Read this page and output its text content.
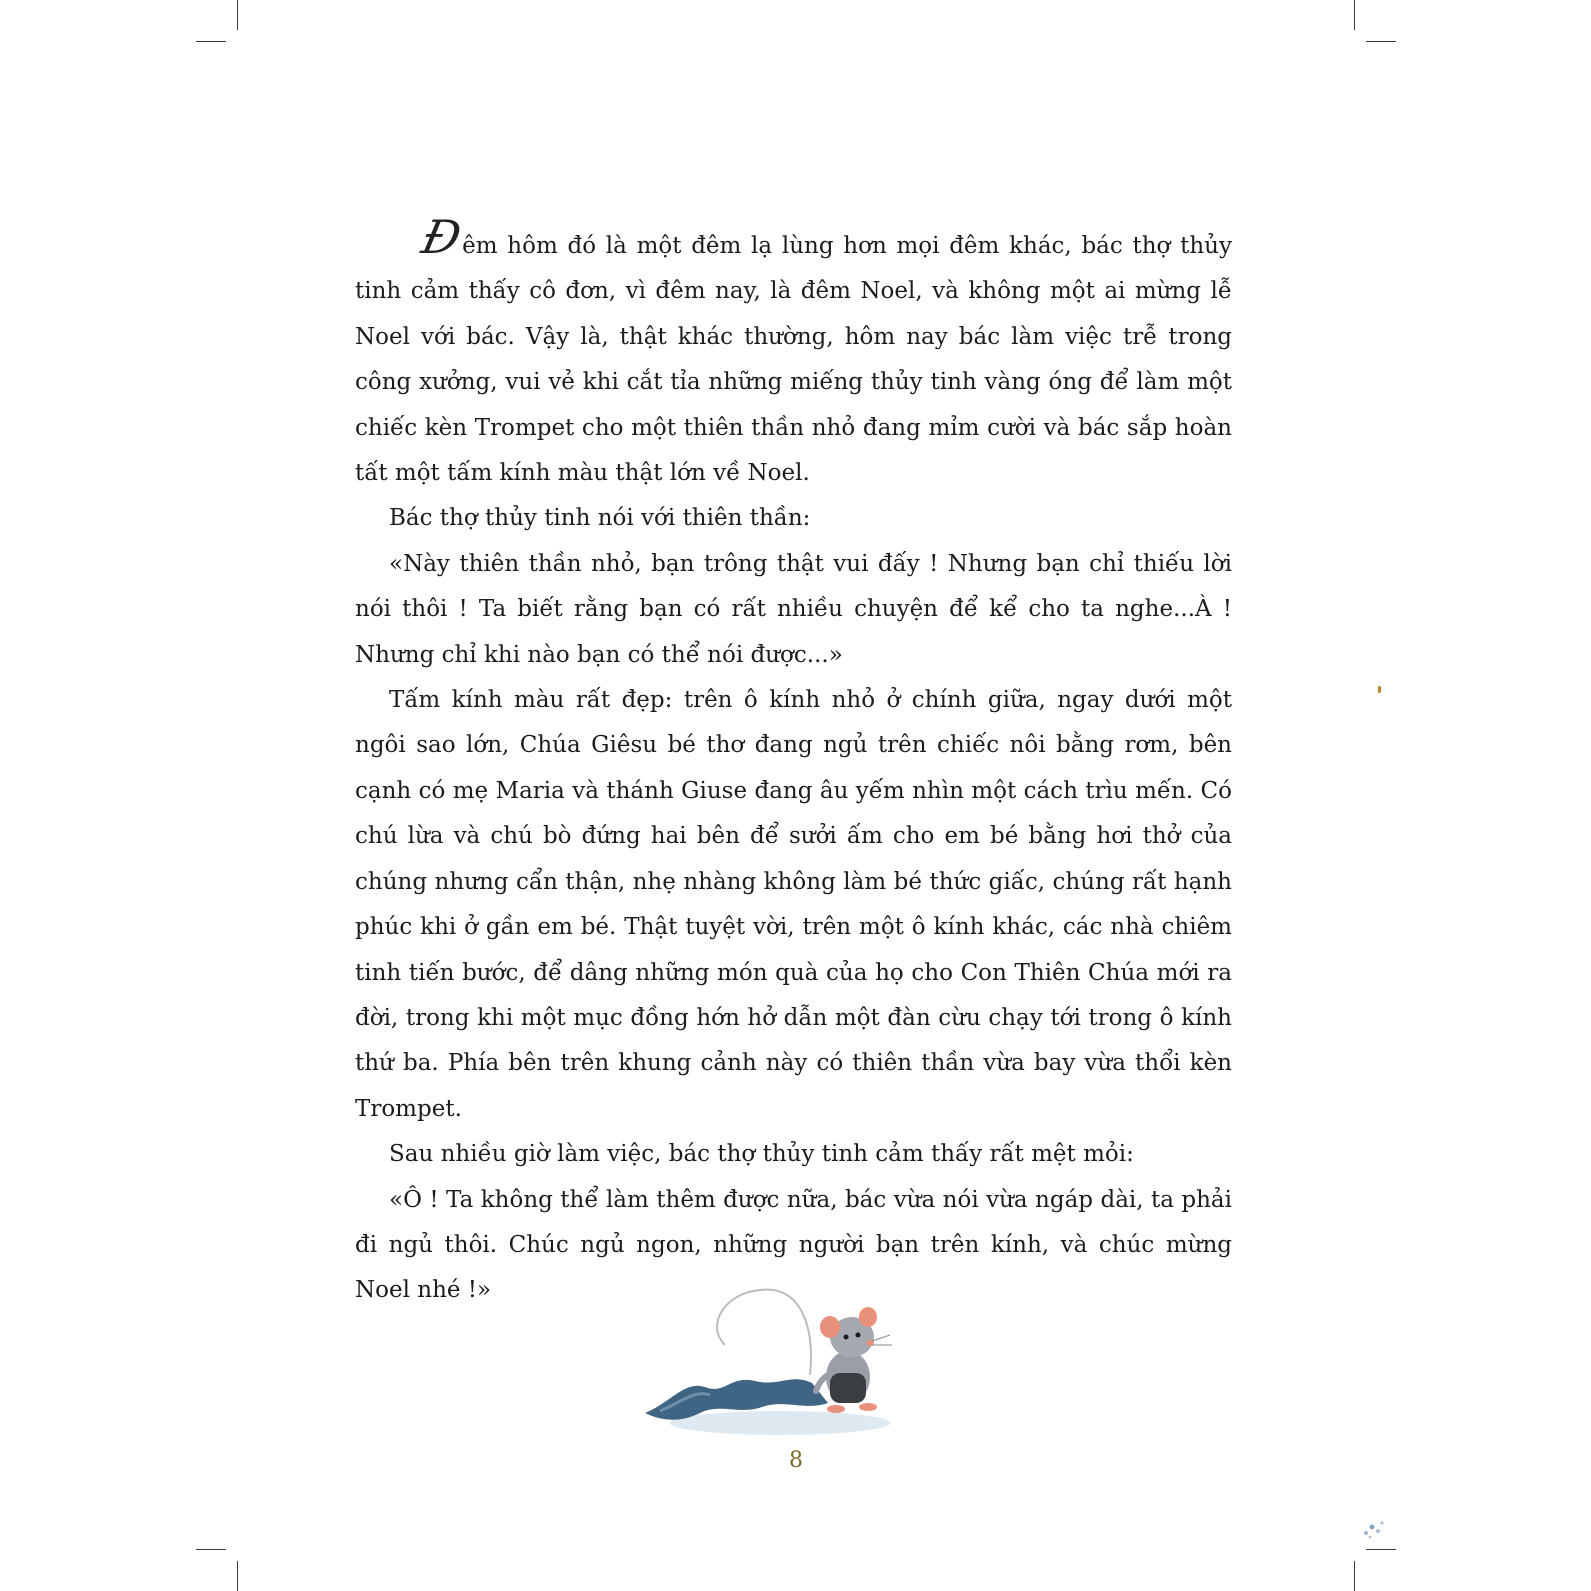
Đêm hôm đó là một đêm lạ lùng hơn mọi đêm khác, bác thợ thủy tinh cảm thấy cô đơn, vì đêm nay, là đêm Noel, và không một ai mừng lễ Noel với bác. Vậy là, thật khác thường, hôm nay bác làm việc trễ trong công xưởng, vui vẻ khi cắt tỉa những miếng thủy tinh vàng óng để làm một chiếc kèn Trompet cho một thiên thần nhỏ đang mỉm cười và bác sắp hoàn tất một tấm kính màu thật lớn về Noel.

Bác thợ thủy tinh nói với thiên thần:

«Này thiên thần nhỏ, bạn trông thật vui đấy ! Nhưng bạn chỉ thiếu lời nói thôi ! Ta biết rằng bạn có rất nhiều chuyện để kể cho ta nghe...À ! Nhưng chỉ khi nào bạn có thể nói được...»

Tấm kính màu rất đẹp: trên ô kính nhỏ ở chính giữa, ngay dưới một ngôi sao lớn, Chúa Giêsu bé thơ đang ngủ trên chiếc nôi bằng rơm, bên cạnh có mẹ Maria và thánh Giuse đang âu yếm nhìn một cách trìu mến. Có chú lừa và chú bò đứng hai bên để sưởi ấm cho em bé bằng hơi thở của chúng nhưng cẩn thận, nhẹ nhàng không làm bé thức giấc, chúng rất hạnh phúc khi ở gần em bé. Thật tuyệt vời, trên một ô kính khác, các nhà chiêm tinh tiến bước, để dâng những món quà của họ cho Con Thiên Chúa mới ra đời, trong khi một mục đồng hớn hở dẫn một đàn cừu chạy tới trong ô kính thứ ba. Phía bên trên khung cảnh này có thiên thần vừa bay vừa thổi kèn Trompet.

Sau nhiều giờ làm việc, bác thợ thủy tinh cảm thấy rất mệt mỏi:

«Ô ! Ta không thể làm thêm được nữa, bác vừa nói vừa ngáp dài, ta phải đi ngủ thôi. Chúc ngủ ngon, những người bạn trên kính, và chúc mừng Noel nhé !»

8
